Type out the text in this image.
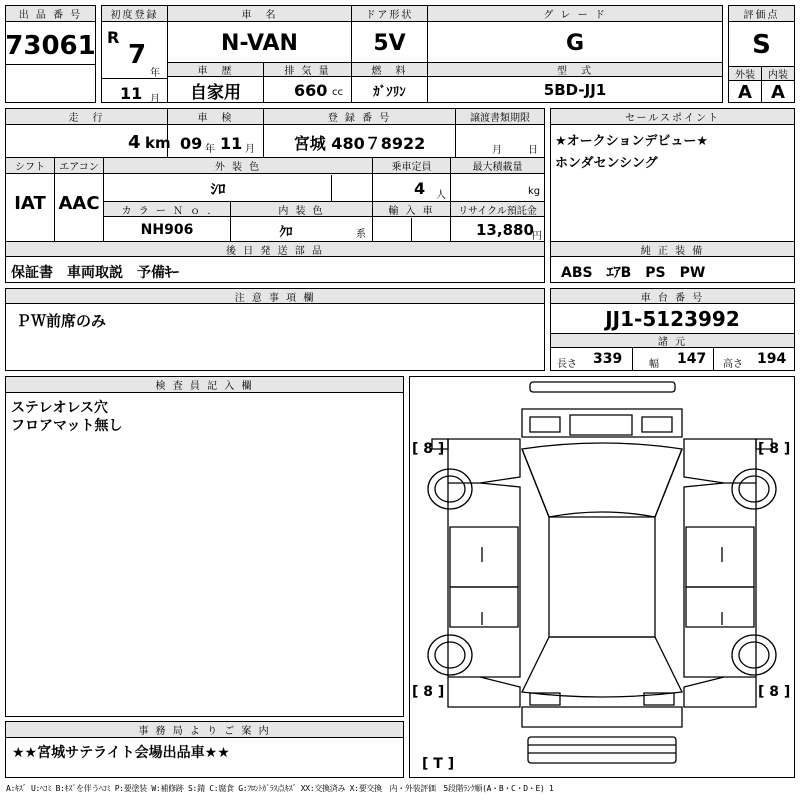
出 品 番 号
73061
初度登録
R
7
年
11 月
車　名
N-VAN
ドア形状
5V
グ レ ー ド
G
評価点
S
外装	内装
A	A
車　歴
自家用
排 気 量
660 cc
燃　料
ｶﾞｿﾘﾝ
型　式
5BD-JJ1
走　行
4 km
車　検
09 年 11 月
登 録 番 号
宮城 480７8922
譲渡書類期限
月	日
セールスポイント
★オークションデビュー★
ホンダセンシング
シフト	エアコン
IAT AAC
外 装 色
ｼﾛ
乗車定員
4 人
最大積載量
kg
カ ラ ー Ｎ ｏ .	内 装 色	輸 入 車	リサイクル預託金
NH906	ｸﾛ	系	13,880
円
後 日 発 送 部 品
保証書　車両取説　予備ｷｰ
純 正 装 備
ABS　ｴｱB　PS　PW
注 意 事 項 欄
ＰＷ前席のみ
車 台 番 号
JJ1-5123992
諸 元
長さ 339	幅 147 高さ 194
検 査 員 記 入 欄
ステレオレス穴
フロアマット無し
事 務 局 よ り ご 案 内
★★宮城サテライト会場出品車★★
[ 8 ]	[ 8 ]
[ 8 ]	[ 8 ]
[ T ]
A:ｷｽﾞ U:ﾍｺﾐ B:ｷｽﾞを伴うﾍｺﾐ P:要塗装 W:補修跡 S:錆 C:腐食 G:ﾌﾛﾝﾄｶﾞﾗｽ点ｷｽﾞ XX:交換済み X:要交換　内・外装評価　5段階ﾗﾝｸ順(A・B・C・D・E) 1
